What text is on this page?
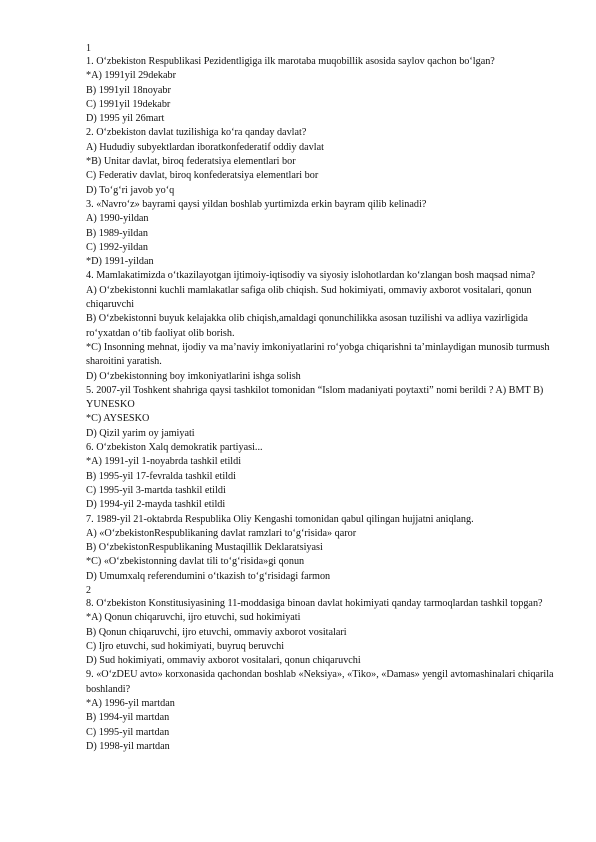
1
1. O‘zbekiston Respublikasi Pezidentligiga ilk marotaba muqobillik asosida saylov qachon bo‘lgan?
*A) 1991yil 29dekabr
B) 1991yil 18noyabr
C) 1991yil 19dekabr
D) 1995 yil 26mart
2. O‘zbekiston davlat tuzilishiga ko‘ra qanday davlat?
A) Hududiy subyektlardan iboratkonfederatif oddiy davlat
*B) Unitar davlat, biroq federatsiya elementlari bor
C) Federativ davlat, biroq konfederatsiya elementlari bor
D) To‘g‘ri javob yo‘q
3. «Navro‘z» bayrami qaysi yildan boshlab yurtimizda erkin bayram qilib kelinadi?
A) 1990-yildan
B) 1989-yildan
C) 1992-yildan
*D) 1991-yildan
4. Mamlakatimizda o‘tkazilayotgan ijtimoiy-iqtisodiy va siyosiy islohotlardan ko‘zlangan bosh maqsad nima?
A) O‘zbekistonni kuchli mamlakatlar safiga olib chiqish. Sud hokimiyati, ommaviy axborot vositalari, qonun chiqaruvchi
B) O‘zbekistonni buyuk kelajakka olib chiqish,amaldagi qonunchilikka asosan tuzilishi va adliya vazirligida ro‘yxatdan o‘tib faoliyat olib borish.
*C) Insonning mehnat, ijodiy va ma’naviy imkoniyatlarini ro‘yobga chiqarishni ta’minlaydigan munosib turmush sharoitini yaratish.
D) O‘zbekistonning boy imkoniyatlarini ishga solish
5. 2007-yil Toshkent shahriga qaysi tashkilot tomonidan “Islom madaniyati poytaxti” nomi berildi ? A) BMT B) YUNESKO
*C) AYSESKO
D) Qizil yarim oy jamiyati
6. O‘zbekiston Xalq demokratik partiyasi...
*A) 1991-yil 1-noyabrda tashkil etildi
B) 1995-yil 17-fevralda tashkil etildi
C) 1995-yil 3-martda tashkil etildi
D) 1994-yil 2-mayda tashkil etildi
7. 1989-yil 21-oktabrda Respublika Oliy Kengashi tomonidan qabul qilingan hujjatni aniqlang.
A) «O‘zbekistonRespublikaning davlat ramzlari to‘g‘risida» qaror
B) O‘zbekistonRespublikaning Mustaqillik Deklaratsiyasi
*C) «O‘zbekistonning davlat tili to‘g‘risida»gi qonun
D) Umumxalq referendumini o‘tkazish to‘g‘risidagi farmon
2
8. O‘zbekiston Konstitusiyasining 11-moddasiga binoan davlat hokimiyati qanday tarmoqlardan tashkil topgan?
*A) Qonun chiqaruvchi, ijro etuvchi, sud hokimiyati
B) Qonun chiqaruvchi, ijro etuvchi, ommaviy axborot vositalari
C) Ijro etuvchi, sud hokimiyati, buyruq beruvchi
D) Sud hokimiyati, ommaviy axborot vositalari, qonun chiqaruvchi
9. «O‘zDEU avto» korxonasida qachondan boshlab «Neksiya», «Tiko», «Damas» yengil avtomashinalari chiqarila boshlandi?
*A) 1996-yil martdan
B) 1994-yil martdan
C) 1995-yil martdan
D) 1998-yil martdan
